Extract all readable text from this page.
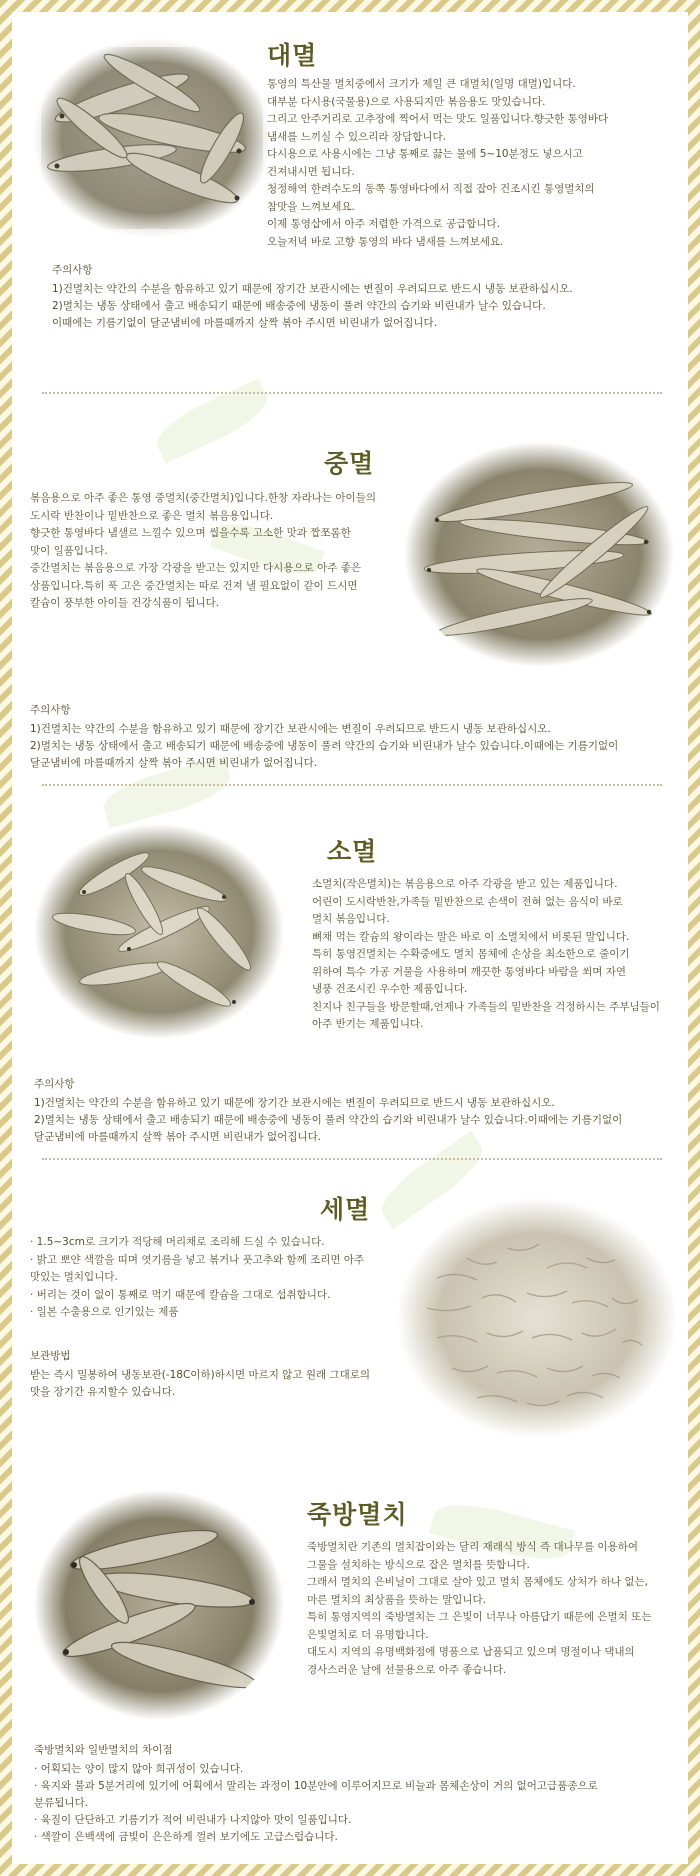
대멸

통영의 특산물 멸치중에서 크기가 제일 큰 대멸치(일명 대멸)입니다.

대부분 다시용(국물용)으로 사용되지만 볶음용도 맛있습니다.

그리고 안주거리로 고추장에 찍어서 먹는 맛도 일품입니다.향긋한 통영바다

냄새를 느끼실 수 있으리라 장담합니다.

다시용으로 사용시에는 그냥 통째로 끓는 물에 5~10분정도 넣으시고

건져내시면 됩니다.

청정해역 한려수도의 동쪽 통영바다에서 직접 잡아 건조시킨 통영멸치의

참맛을 느껴보세요.

이제 통영삽에서 아주 저렴한 가격으로 공급합니다.

오늘저녁 바로 고향 통영의 바다 냄새를 느껴보세요.

주의사항

1)건멸치는 약간의 수분을 함유하고 있기 때문에 장기간 보관시에는 변질이 우려되므로 반드시 냉동 보관하십시오.

2)멸치는 냉동 상태에서 출고 배송되기 때문에 배송중에 냉동이 풀려 약간의 습기와 비린내가 날수 있습니다.

이때에는 기름기없이 달군냄비에 마를때까지 살짝 볶아 주시면 비린내가 없어집니다.

중멸

볶음용으로 아주 좋은 통영 중멸치(중간멸치)입니다.한창 자라나는 아이들의

도시락 반찬이나 밑반찬으로 좋은 멸치 볶음용입니다.

향긋한 통영바다 냄샐르 느낄수 있으며 씹을수록 고소한 맛과 짭쪼롬한

맛이 일품입니다.

중간멸치는 볶음용으로 가장 각광을 받고는 있지만 다시용으로 아주 좋은

상품입니다.특히 푹 고은 중간멸치는 따로 건져 낼 필요없이 같이 드시면

칼슘이 풍부한 아이들 건강식품이 됩니다.

주의사항

1)건멸치는 약간의 수분을 함유하고 있기 때문에 장기간 보관시에는 변질이 우려되므로 반드시 냉동 보관하십시오.

2)멸치는 냉동 상태에서 출고 배송되기 때문에 배송중에 냉동이 풀려 약간의 습기와 비린내가 날수 있습니다.이때에는 기름기없이

달군냄비에 마를때까지 살짝 볶아 주시면 비린내가 없어집니다.

소멸

소멸치(작은멸치)는 볶음용으로 아주 각광을 받고 있는 제품입니다.

어린이 도시락반찬,가족들 밑반찬으로 손색이 전혀 없는 음식이 바로

멸치 볶음입니다.

뼈채 먹는 칼슘의 왕이라는 말은 바로 이 소멸치에서 비롯된 말입니다.

특히 통영건멸치는 수확중에도 멸치 몸체에 손상을 최소한으로 줄이기

위하여 특수 가공 거물을 사용하며 깨끗한 통영바다 바람을 쐬며 자연

냉풍 건조시킨 우수한 제품입니다.

친지나 친구들을 방문할때,언제나 가족들의 밑반찬을 걱정하시는 주부님들이

아주 반기는 제품입니다.

주의사항

1)건멸치는 약간의 수분을 함유하고 있기 때문에 장기간 보관시에는 변질이 우려되므로 반드시 냉동 보관하십시오.

2)멸치는 냉동 상태에서 출고 배송되기 때문에 배송중에 냉동이 풀려 약간의 습기와 비린내가 날수 있습니다.이때에는 기름기없이

달군냄비에 마를때까지 살짝 볶아 주시면 비린내가 없어집니다.

세멸

· 1.5~3cm로 크기가 적당해 머리채로 조리해 드실 수 있습니다.

· 밝고 뽀얀 색깔을 띠며 엿기름을 넣고 볶거나 풋고추와 함께 조리면 아주

맛있는 멸치입니다.

· 버리는 것이 없이 통째로 먹기 때문에 칼슘을 그대로 섭취합니다.

· 일본 수출용으로 인기있는 제품

보관방법

받는 즉시 밀봉하여 냉동보관(-18C이하)하시면 마르지 않고 원래 그대로의

맛을 장기간 유지할수 있습니다.

죽방멸치

죽방멸치란 기존의 멸치잡이와는 달리 재래식 방식 즉 대나무를 이용하여

그물을 설치하는 방식으로 잡은 멸치를 뜻합니다.

그래서 멸치의 은비닐이 그대로 살아 있고 멸치 몸체에도 상처가 하나 없는,

마른 멸치의 최상품을 뜻하는 말입니다.

특히 통영지역의 죽방멸치는 그 은빛이 너무나 아름답기 때문에 은멸치 또는

은빛멸치로 더 유명합니다.

대도시 지역의 유명백화점에 명품으로 납품되고 있으며 명절이나 댁내의

경사스러운 날에 선물용으로 아주 좋습니다.

죽방멸치와 일반멸치의 차이점

· 어획되는 양이 많지 않아 희귀성이 있습니다.

· 육지와 불과 5분거리에 있기에 어획에서 말리는 과정이 10분안에 이루어지므로 비늘과 몸체손상이 거의 없어고급품종으로

분류됩니다.

· 육질이 단단하고 기름기가 적어 비린내가 나지않아 맛이 일품입니다.

· 색깔이 은백색에 금빛이 은은하게 껄려 보기에도 고급스럽습니다.
